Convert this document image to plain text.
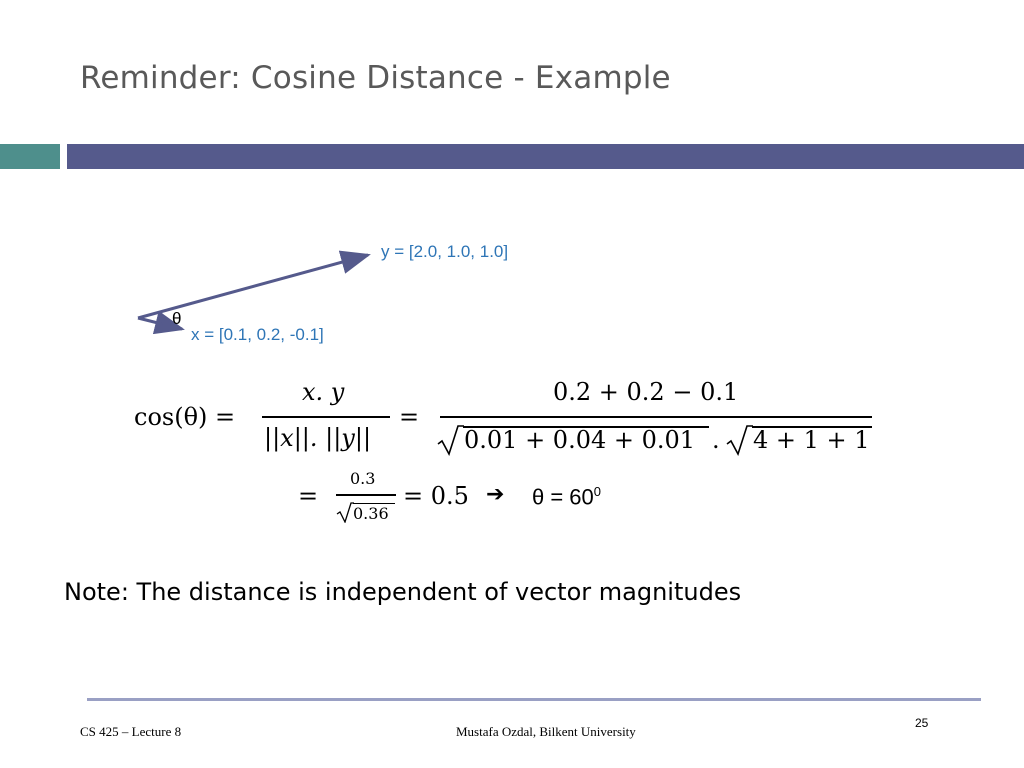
Reminder: Cosine Distance - Example
y = [2.0, 1.0, 1.0]
x = [0.1, 0.2, -0.1]
θ
cos(θ) =
x. y
||x||. ||y||
=
0.2 + 0.2 − 0.1
0.01 + 0.04 + 0.01 . 4 + 1 + 1
=
0.3
0.36
= 0.5 ➔ $\theta = 60^0$
Note: The distance is independent of vector magnitudes
CS 425 – Lecture 8	Mustafa Ozdal, Bilkent University
25
